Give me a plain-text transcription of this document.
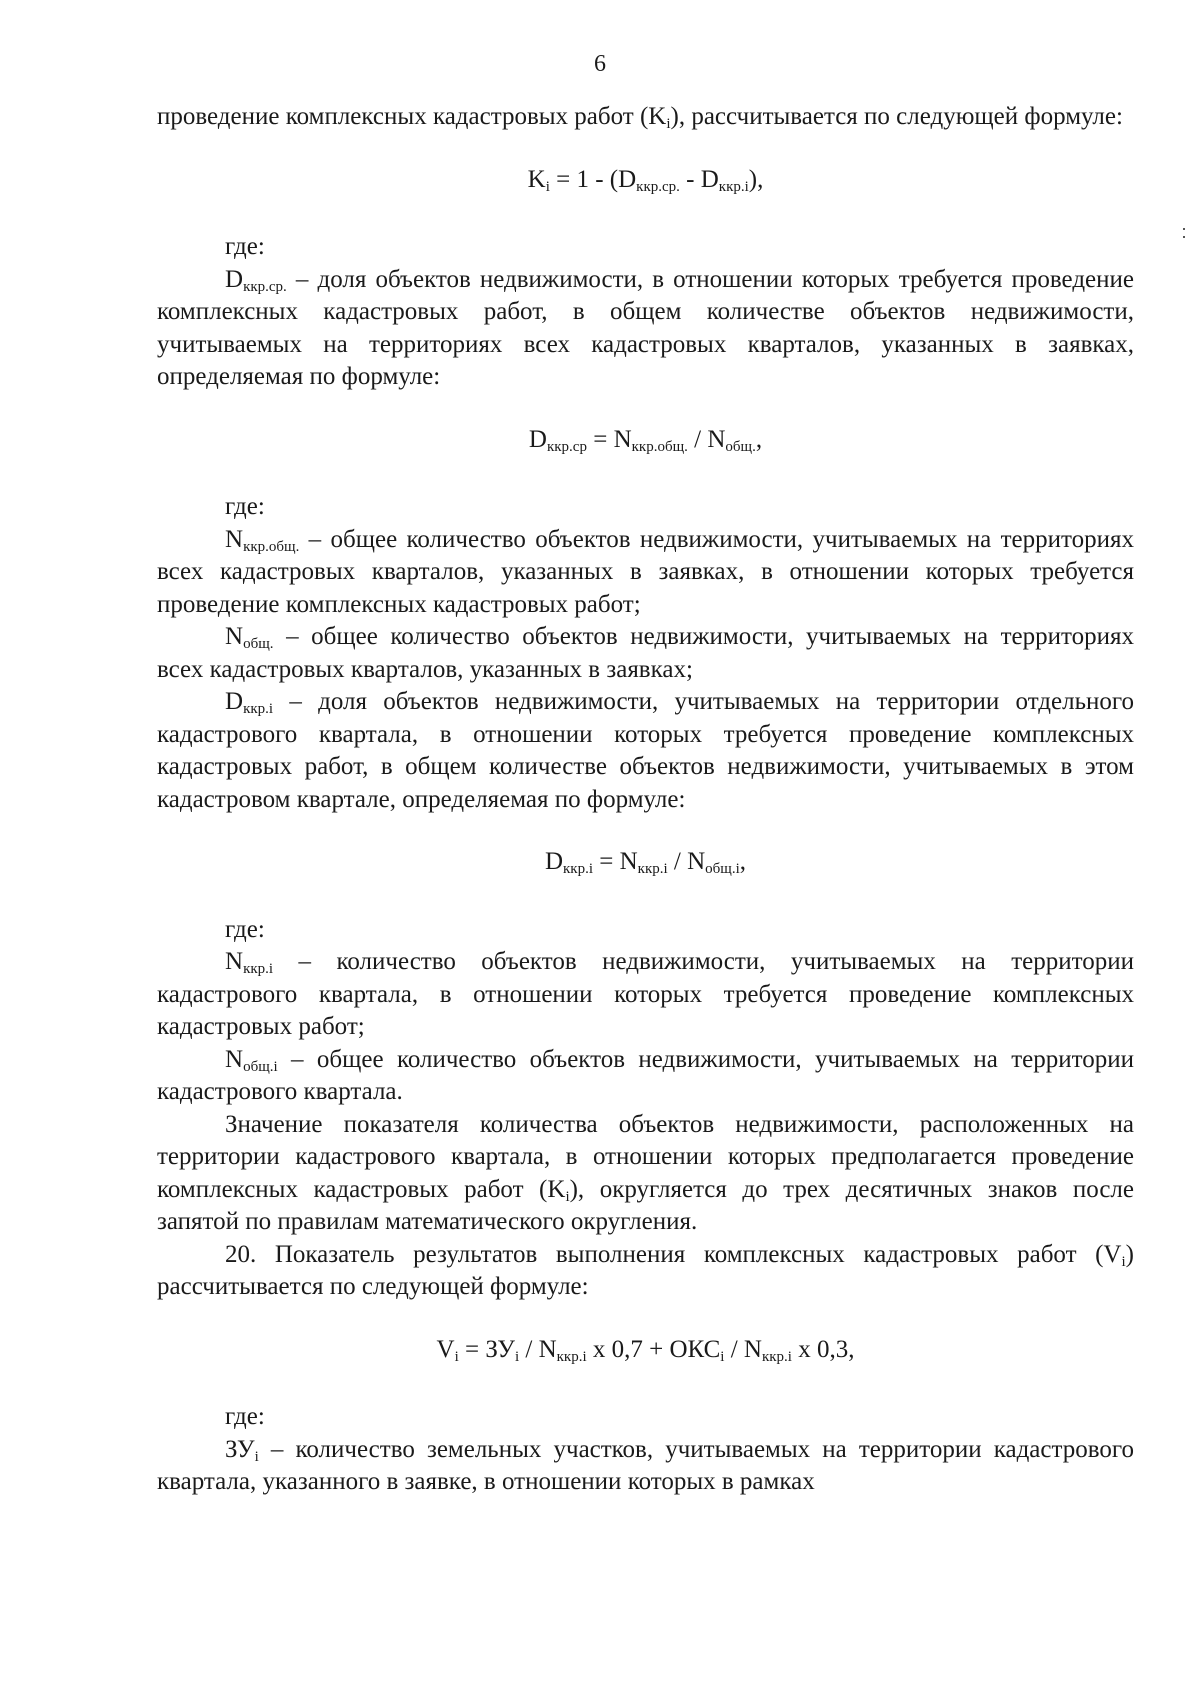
6

проведение комплексных кадастровых работ $(K_i)$, рассчитывается по следующей формуле:

$K_i = 1 - (D_{ккр.ср.} - D_{ккр.i})$,

где:

$D_{ккр.ср.}$ – доля объектов недвижимости, в отношении которых требуется проведение комплексных кадастровых работ, в общем количестве объектов недвижимости, учитываемых на территориях всех кадастровых кварталов, указанных в заявках, определяемая по формуле:

$D_{ккр.ср} = N_{ккр.общ.} / N_{общ.}$,

где:

$N_{ккр.общ.}$ – общее количество объектов недвижимости, учитываемых на территориях всех кадастровых кварталов, указанных в заявках, в отношении которых требуется проведение комплексных кадастровых работ;

$N_{общ.}$ – общее количество объектов недвижимости, учитываемых на территориях всех кадастровых кварталов, указанных в заявках;

$D_{ккр.i}$ – доля объектов недвижимости, учитываемых на территории отдельного кадастрового квартала, в отношении которых требуется проведение комплексных кадастровых работ, в общем количестве объектов недвижимости, учитываемых в этом кадастровом квартале, определяемая по формуле:

$D_{ккр.i} = N_{ккр.i} / N_{общ.i}$,

где:

$N_{ккр.i}$ – количество объектов недвижимости, учитываемых на территории кадастрового квартала, в отношении которых требуется проведение комплексных кадастровых работ;

$N_{общ.i}$ – общее количество объектов недвижимости, учитываемых на территории кадастрового квартала.

Значение показателя количества объектов недвижимости, расположенных на территории кадастрового квартала, в отношении которых предполагается проведение комплексных кадастровых работ $(K_i)$, округляется до трех десятичных знаков после запятой по правилам математического округления.

20. Показатель результатов выполнения комплексных кадастровых работ $(V_i)$ рассчитывается по следующей формуле:

$V_i = ЗУ_i / N_{ккр.i}$ x $0,7 + ОКС_i / N_{ккр.i}$ x 0,3,

где:

$ЗУ_i$ – количество земельных участков, учитываемых на территории кадастрового квартала, указанного в заявке, в отношении которых в рамках
